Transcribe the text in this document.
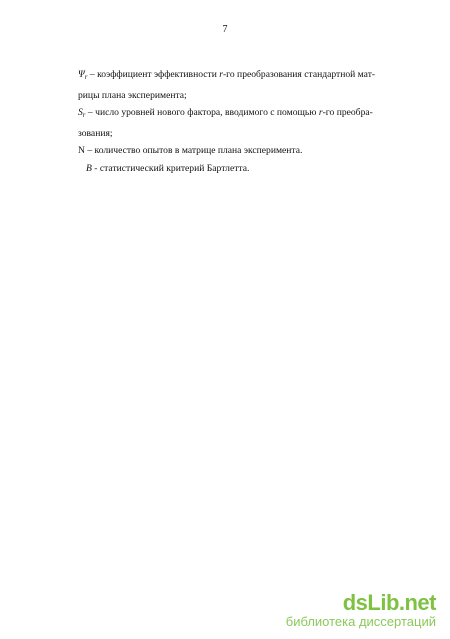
7

$\Psi_r$ – коэффициент эффективности r-го преобразования стандартной мат-
рицы плана эксперимента;

$S_r$ – число уровней нового фактора, вводимого с помощью r-го преобра-
зования;

N – количество опытов в матрице плана эксперимента.

B - статистический критерий Бартлетта.

dsLib.net
библиотека диссертаций
